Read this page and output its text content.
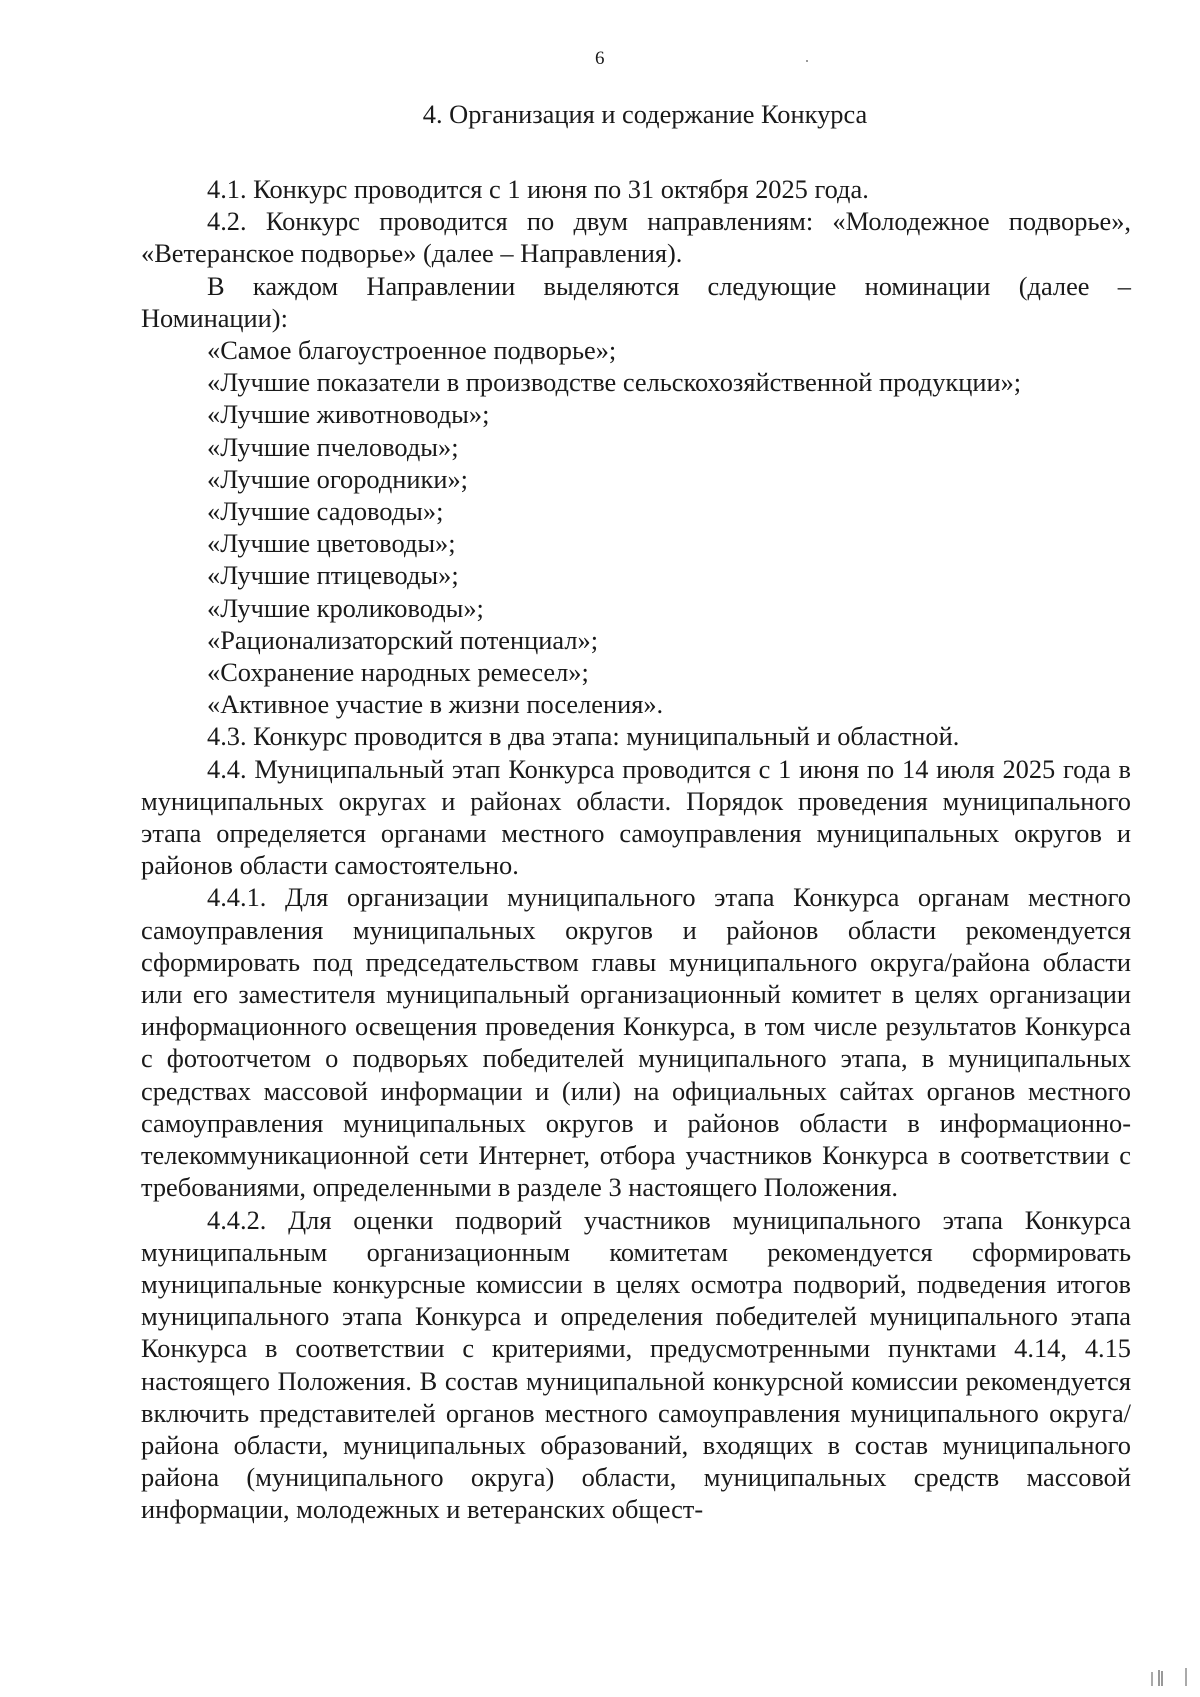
6
4. Организация и содержание Конкурса

4.1. Конкурс проводится с 1 июня по 31 октября 2025 года.

4.2. Конкурс проводится по двум направлениям: «Молодежное подворье», «Ветеранское подворье» (далее – Направления).

В каждом Направлении выделяются следующие номинации (далее – Номинации):

«Самое благоустроенное подворье»;

«Лучшие показатели в производстве сельскохозяйственной продукции»;

«Лучшие животноводы»;

«Лучшие пчеловоды»;

«Лучшие огородники»;

«Лучшие садоводы»;

«Лучшие цветоводы»;

«Лучшие птицеводы»;

«Лучшие кролиководы»;

«Рационализаторский потенциал»;

«Сохранение народных ремесел»;

«Активное участие в жизни поселения».

4.3. Конкурс проводится в два этапа: муниципальный и областной.

4.4. Муниципальный этап Конкурса проводится с 1 июня по 14 июля 2025 года в муниципальных округах и районах области. Порядок проведения муниципального этапа определяется органами местного самоуправления муниципальных округов и районов области самостоятельно.

4.4.1. Для организации муниципального этапа Конкурса органам местного самоуправления муниципальных округов и районов области рекомендуется сформировать под председательством главы муниципального округа/района области или его заместителя муниципальный организационный комитет в целях организации информационного освещения проведения Конкурса, в том числе результатов Конкурса с фотоотчетом о подворьях победителей муниципального этапа, в муниципальных средствах массовой информации и (или) на официальных сайтах органов местного самоуправления муниципальных округов и районов области в информационно-телекоммуникационной сети Интернет, отбора участников Конкурса в соответствии с требованиями, определенными в разделе 3 настоящего Положения.

4.4.2. Для оценки подворий участников муниципального этапа Конкурса муниципальным организационным комитетам рекомендуется сформировать муниципальные конкурсные комиссии в целях осмотра подворий, подведения итогов муниципального этапа Конкурса и определения победителей муниципального этапа Конкурса в соответствии с критериями, предусмотренными пунктами 4.14, 4.15 настоящего Положения. В состав муниципальной конкурсной комиссии рекомендуется включить представителей органов местного самоуправления муниципального округа/района области, муниципальных образований, входящих в состав муниципального района (муниципального округа) области, муниципальных средств массовой информации, молодежных и ветеранских общест-
